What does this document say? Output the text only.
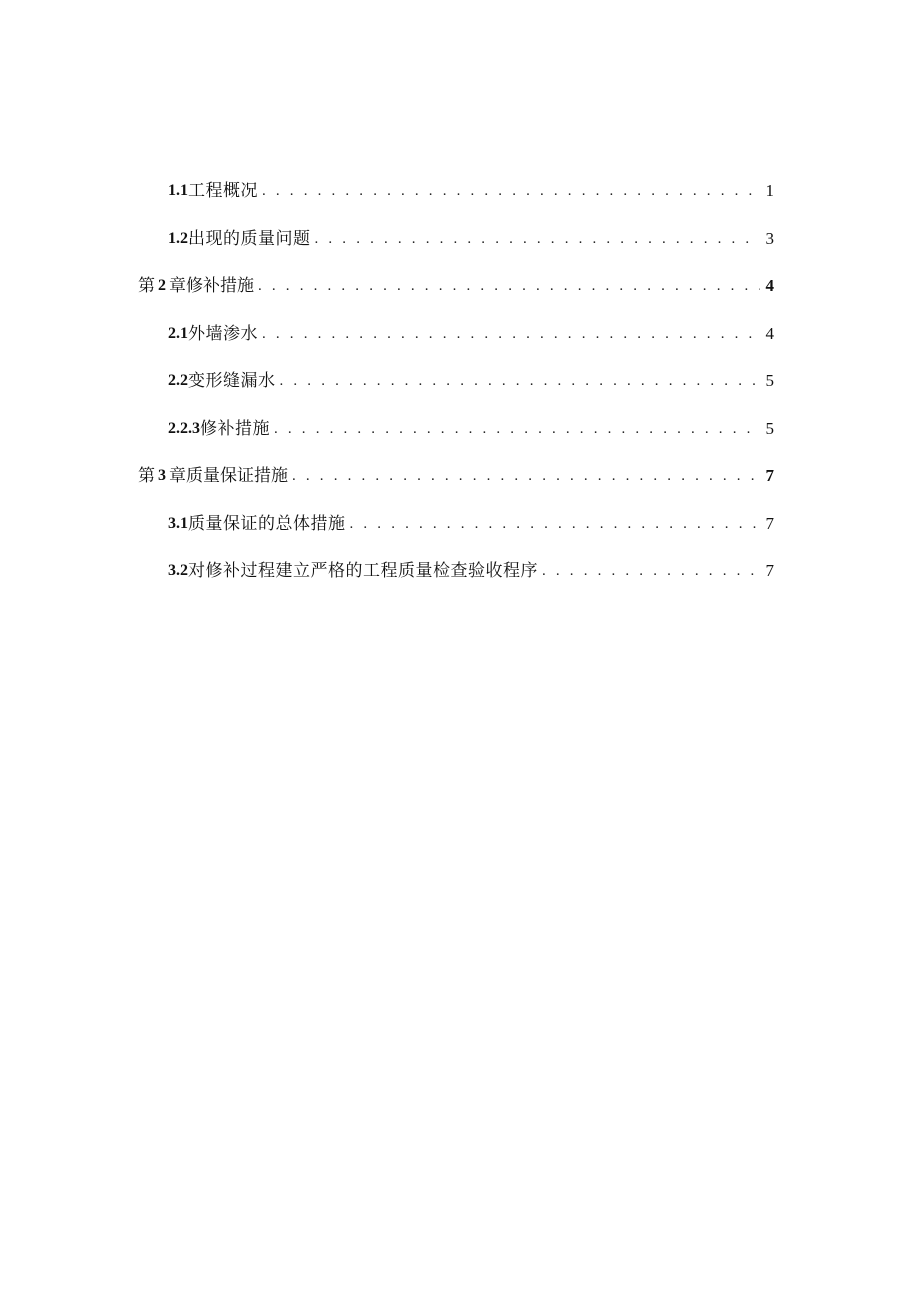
1.1 工程概况 . . .	1
1.2 出现的质量问题 . . .	3
第 2 章修补措施 . . .	4
2.1 外墙渗水 . . .	4
2.2 变形缝漏水 . . .	5
2.2.3 修补措施 . . .	5
第 3 章质量保证措施 . . .	7
3.1 质量保证的总体措施 . . .	7
3.2 对修补过程建立严格的工程质量检查验收程序 . . .	7
